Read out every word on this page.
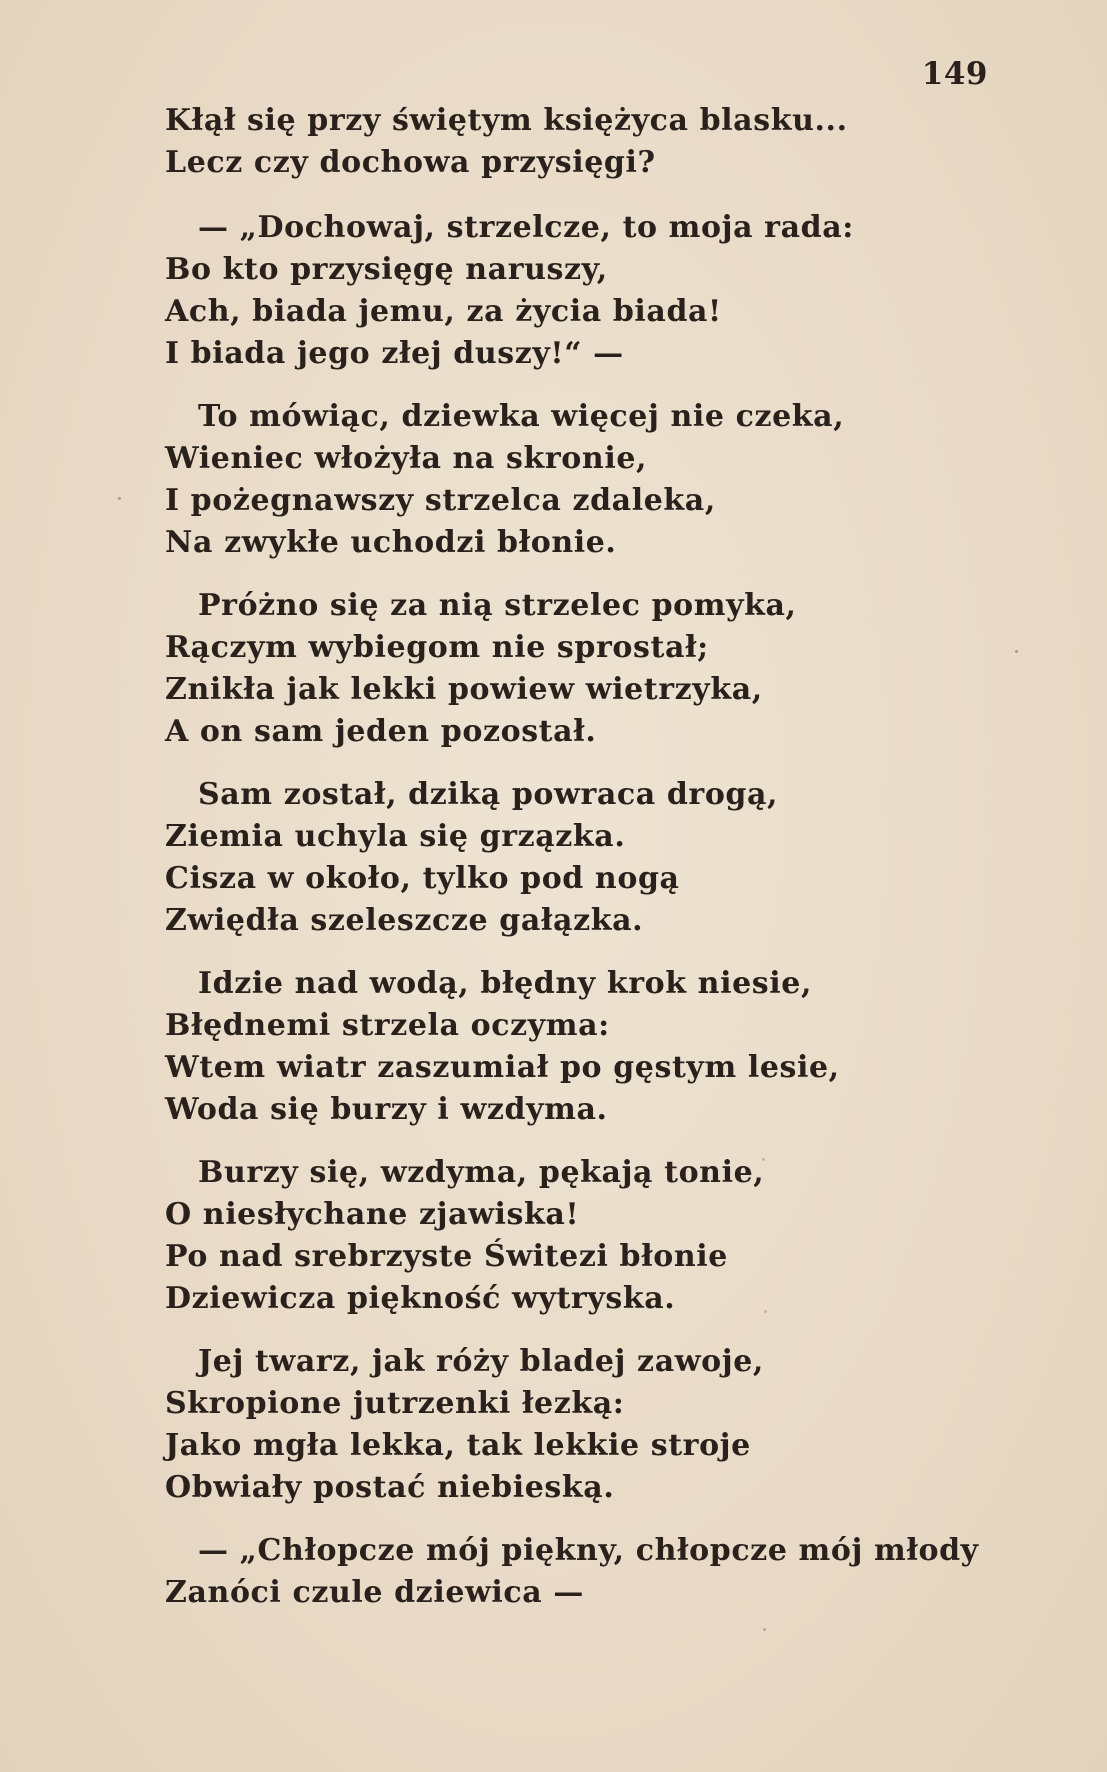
149
Kłął się przy świętym księżyca blasku...
Lecz czy dochowa przysięgi?
— „Dochowaj, strzelcze, to moja rada:
Bo kto przysięgę naruszy,
Ach, biada jemu, za życia biada!
I biada jego złej duszy!“ —
To mówiąc, dziewka więcej nie czeka,
Wieniec włożyła na skronie,
I pożegnawszy strzelca zdaleka,
Na zwykłe uchodzi błonie.
Próżno się za nią strzelec pomyka,
Rączym wybiegom nie sprostał;
Znikła jak lekki powiew wietrzyka,
A on sam jeden pozostał.
Sam został, dziką powraca drogą,
Ziemia uchyla się grzązka.
Cisza w około, tylko pod nogą
Zwiędła szeleszcze gałązka.
Idzie nad wodą, błędny krok niesie,
Błędnemi strzela oczyma:
Wtem wiatr zaszumiał po gęstym lesie,
Woda się burzy i wzdyma.
Burzy się, wzdyma, pękają tonie,
O niesłychane zjawiska!
Po nad srebrzyste Świtezi błonie
Dziewicza piękność wytryska.
Jej twarz, jak róży bladej zawoje,
Skropione jutrzenki łezką:
Jako mgła lekka, tak lekkie stroje
Obwiały postać niebieską.
— „Chłopcze mój piękny, chłopcze mój młody
Zanóci czule dziewica —
